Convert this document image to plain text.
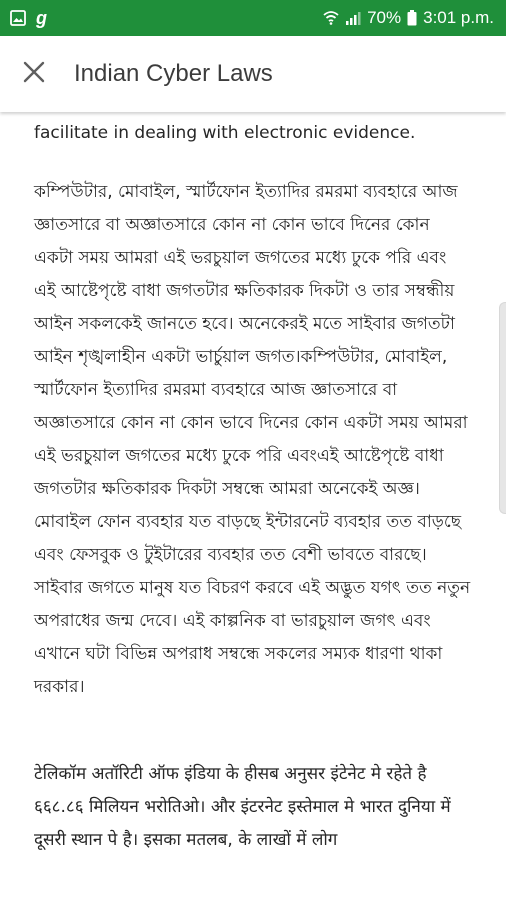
g	70% 3:01 p.m.
Indian Cyber Laws

facilitate in dealing with electronic evidence.

কম্পিউটার, মোবাইল, স্মার্টফোন ইত্যাদির রমরমা ব্যবহারে আজ জ্ঞাতসারে বা অজ্ঞাতসারে কোন না কোন ভাবে দিনের কোন একটা সময় আমরা এই ভরচুয়াল জগতের মধ্যে ঢুকে পরি এবং এই আষ্টেপৃষ্টে বাধা জগতটার ক্ষতিকারক দিকটা ও তার সম্বন্ধীয় আইন সকলকেই জানতে হবে। অনেকেরই মতে সাইবার জগতটা আইন শৃঙ্খলাহীন একটা ভার্চুয়াল জগত।কম্পিউটার, মোবাইল, স্মার্টফোন ইত্যাদির রমরমা ব্যবহারে আজ জ্ঞাতসারে বা অজ্ঞাতসারে কোন না কোন ভাবে দিনের কোন একটা সময় আমরা এই ভরচুয়াল জগতের মধ্যে ঢুকে পরি এবংএই আষ্টেপৃষ্টে বাধা জগতটার ক্ষতিকারক দিকটা সম্বন্ধে আমরা অনেকেই অজ্ঞ। মোবাইল ফোন ব্যবহার যত বাড়ছে ইন্টারনেট ব্যবহার তত বাড়ছে এবং ফেসবুক ও টুইটারের ব্যবহার তত বেশী ভাবতে বারছে। সাইবার জগতে মানুষ যত বিচরণ করবে এই অদ্ভুত যগৎ তত নতুন অপরাধের জন্ম দেবে। এই কাল্পনিক বা ভারচুয়াল জগৎ এবং এখানে ঘটা বিভিন্ন অপরাধ সম্বন্ধে সকলের সম্যক ধারণা থাকা দরকার।

टेलिकॉम अतॉरिटी ऑफ इंडिया के हीसब अनुसर इंटेनेट मे रहेते है ६६८.८६ मिलियन भरोतिओ। और इंटरनेट इस्तेमाल मे भारत दुनिया में दूसरी स्थान पे है। इसका मतलब, के लाखों में लोग
